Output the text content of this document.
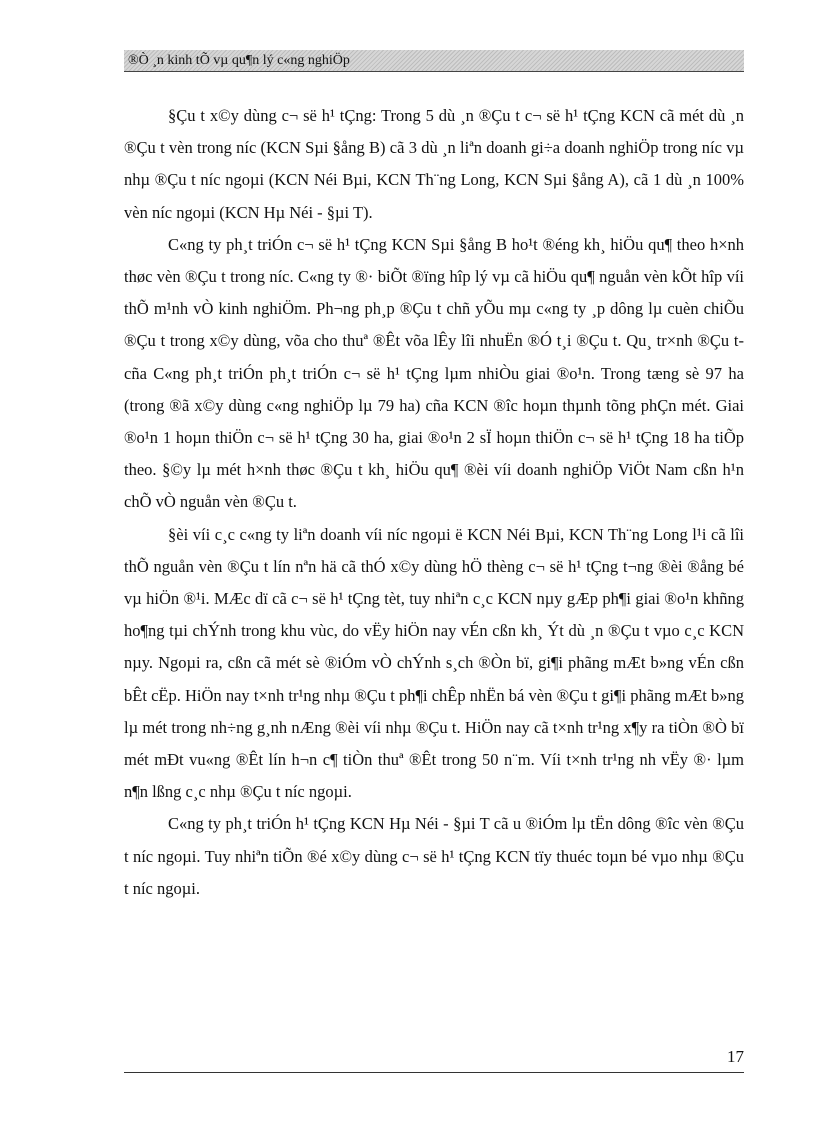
®Ò ¸n kinh tÕ vµ qu¶n lý c«ng nghiÖp

§Çu t x©y dùng c¬ së h¹ tÇng: Trong 5 dù ¸n ®Çu t c¬ së h¹ tÇng KCN cã mét dù ¸n ®Çu t vèn trong níc (KCN Sµi §ång B) cã 3 dù ¸n liªn doanh gi÷a doanh nghiÖp trong níc vµ nhµ ®Çu t níc ngoµi (KCN Néi Bµi, KCN Th¨ng Long, KCN Sµi §ång A), cã 1 dù ¸n 100% vèn níc ngoµi (KCN Hµ Néi - §µi T).

C«ng ty ph¸t triÓn c¬ së h¹ tÇng KCN Sµi §ång B ho¹t ®éng kh¸ hiÖu qu¶ theo h×nh thøc vèn ®Çu t trong níc. C«ng ty ®· biÕt ®ïng hîp lý vµ cã hiÖu qu¶ nguån vèn kÕt hîp víi thÕ m¹nh vÒ kinh nghiÖm. Ph¬ng ph¸p ®Çu t chñ yÕu mµ c«ng ty ¸p dông lµ cuèn chiÕu ®Çu t trong x©y dùng, võa cho thuª ®Êt võa lÊy lîi nhuËn ®Ó t¸i ®Çu t. Qu¸ tr×nh ®Çu t cña C«ng ph¸t triÓn ph¸t triÓn c¬ së h¹ tÇng lµm nhiÒu giai ®o¹n. Trong tæng sè 97 ha (trong ®ã x©y dùng c«ng nghiÖp lµ 79 ha) cña KCN ®îc hoµn thµnh tõng phÇn mét. Giai ®o¹n 1 hoµn thiÖn c¬ së h¹ tÇng 30 ha, giai ®o¹n 2 sÏ hoµn thiÖn c¬ së h¹ tÇng 18 ha tiÕp theo. §©y lµ mét h×nh thøc ®Çu t kh¸ hiÖu qu¶ ®èi víi doanh nghiÖp ViÖt Nam cßn h¹n chÕ vÒ nguån vèn ®Çu t.

§èi víi c¸c c«ng ty liªn doanh víi níc ngoµi ë KCN Néi Bµi, KCN Th¨ng Long l¹i cã lîi thÕ nguån vèn ®Çu t lín nªn hä cã thÓ x©y dùng hÖ thèng c¬ së h¹ tÇng t¬ng ®èi ®ång bé vµ hiÖn ®¹i. MÆc dï cã c¬ së h¹ tÇng tèt, tuy nhiªn c¸c KCN nµy gÆp ph¶i giai ®o¹n khñng ho¶ng tµi chÝnh trong khu vùc, do vËy hiÖn nay vÉn cßn kh¸ Ýt dù ¸n ®Çu t vµo c¸c KCN nµy. Ngoµi ra, cßn cã mét sè ®iÓm vÒ chÝnh s¸ch ®Òn bï, gi¶i phãng mÆt b»ng vÉn cßn bÊt cËp. HiÖn nay t×nh tr¹ng nhµ ®Çu t ph¶i chÊp nhËn bá vèn ®Çu t gi¶i phãng mÆt b»ng lµ mét trong nh÷ng g¸nh nÆng ®èi víi nhµ ®Çu t. HiÖn nay cã t×nh tr¹ng x¶y ra tiÒn ®Ò bï mét mÐt vu«ng ®Êt lín h¬n c¶ tiÒn thuª ®Êt trong 50 n¨m. Víi t×nh tr¹ng nh vËy ®· lµm n¶n lßng c¸c nhµ ®Çu t níc ngoµi.

C«ng ty ph¸t triÓn h¹ tÇng KCN Hµ Néi - §µi T cã u ®iÓm lµ tËn dông ®îc vèn ®Çu t níc ngoµi. Tuy nhiªn tiÕn ®é x©y dùng c¬ së h¹ tÇng KCN tïy thuéc toµn bé vµo nhµ ®Çu t níc ngoµi.

17
